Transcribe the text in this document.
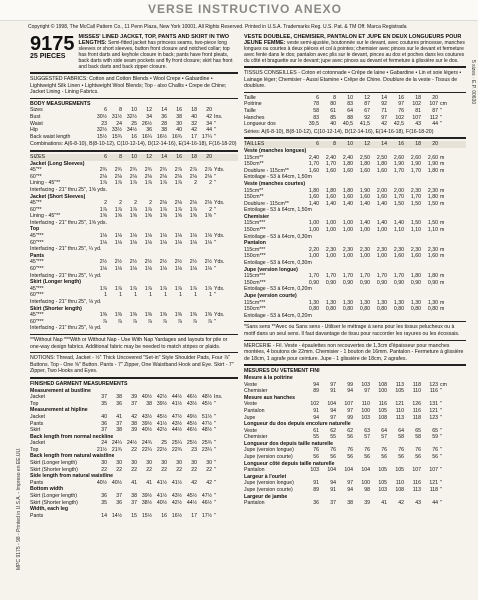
VERSE INSTRUCTIVO ANEXO
Copyright © 1998, The McCall Pattern Co., 11 Penn Plaza, New York 10001. All Rights Reserved. Printed in U.S.A. Trademarks Reg. U.S. Pat. & TM Off. Marca Registrada
MPC 9175 - 98 - Printed in U.S.A. - Impreso en EE.UU.
5 sizes · E.P. 00630
9175
25 PIECES
MISSES' LINED JACKET, TOP, PANTS AND SKIRT IN TWO LENGTHS: Semi-fitted jacket has princess seams, two-piece long sleeves or short sleeves, button front closure and notched collar; top has front darts and keyhole closure in back; pants have front pleats, back darts with side seam pockets and fly front closure; skirt has front and back darts and back zipper closure.
SUGGESTED FABRICS: Cotton and Cotton Blends • Wool Crepe • Gabardine • Lightweight Silk Linen • Lightweight Wool Blends; Top - also Challis • Crepe de Chine; Jacket Lining - Lining Fabrics.
BODY MEASUREMENTS
Sizes	6	8	10	12	14	16	18	20
Bust	30½ 31½ 32½	34	36	38	40	42 Ins.
Waist	23	24	25 26½	28	30	32	34 "
Hip	32½ 33½ 34½	36	38	40	42	44 "
Back waist length	15½ 15¾	16 16¼ 16½ 16¾	17 17¼ "
Combinations: A(6-8-10), B(8-10-12), C(10-12-14), D(12-14-16), E(14-16-18), F(16-18-20)
SIZES	6	8	10	12	14	16	18	20
Jacket (Long Sleeves)
45"**	2¾	2¾	2¾	2¾	2¾	2⅞	2⅞	2⅞ Yds.
60"**	2⅛	2⅛	2⅛	2⅛	2⅛	2⅛	2⅛	2⅛ "
Lining - 45"**	1⅞	1⅞	1⅞	1⅞	1⅞	1⅞	2	2 "
Interfacing - 21" thru 25", 1⅝ yds.
Jacket (Short Sleeves)
45"**	2	2	2	2	2⅛	2⅛	2⅛	2⅛ Yds.
60"**	1⅞	1⅞	1⅞	1⅞	1⅞	1⅞	1⅞	2 "
Lining - 45"**	1⅝	1⅝	1⅝	1⅝	1⅝	1⅝	1⅝	1⅝ "
Interfacing - 21" thru 25", 1⅝ yds.
Top
45"***	1⅛	1⅛	1⅛	1⅛	1⅛	1⅛	1⅛	1⅛ Yds.
60"***	1⅛	1⅛	1⅛	1⅛	1⅛	1⅛	1⅛	1⅛ "
Interfacing - 21" thru 25", ¼ yd.
Pants
45"***	2½	2½	2½	2½	2½	2½	2½	2½ Yds.
60"***	1⅛	1⅛	1⅛	1⅛	1⅛	1⅛	1⅛	1⅛ "
Interfacing - 21" thru 25", ¼ yd.
Skirt (Longer length)
45"***	1⅞	1⅞	1⅞	1⅞	1⅞	1⅞	1⅞	1⅞ Yds.
60"***	1	1	1	1	1	1	1	1 "
Interfacing - 21" thru 25", ⅛ yd.
Skirt (Shorter length)
45"***	1⅜	1⅜	1⅜	1⅜	1⅜	1⅜	1⅜	1⅜ Yds.
60"***	⅞	⅞	⅞	⅞	⅞	⅞	⅞	⅞ "
Interfacing - 21" thru 25", ⅛ yd.
**Without Nap ***With or Without Nap - Use With Nap Yardages and layouts for pile or one-way design fabrics. Additional fabric may be needed to match stripes or plaids.
NOTIONS: Thread, Jacket - ½" Thick Uncovered "Set-in" Style Shoulder Pads, Four ⅞" Buttons. Top - One ⅝" Button. Pants - 7" Zipper, One Waistband Hook and Eye. Skirt - 7" Zipper, Two Hooks and Eyes.
FINISHED GARMENT MEASUREMENTS
Measurement at bustline
Jacket	37	38	39 40½ 42½ 44½ 46½ 48½ Ins.
Top	35	36	37	38 39½ 41½ 43½ 45½ "
Measurement at hipline
Jacket	40	41	42 43½ 45½ 47½ 49½ 51½ "
Pants	36	37	38 39½ 41½ 43½ 45½ 47½ "
Skirt	37	38	39 40½ 42½ 44½ 46½ 48½ "
Back length from normal neckline
Jacket	24 24¼ 24½ 24¾	25 25¼ 25½ 25¾ "
Top	21½ 21¾	22 22¼ 22½ 22¾	23 23¼ "
Back length from natural waistline
Skirt (Longer length)	30	30	30	30	30	30	30	30 "
Skirt (Shorter length)	22	22	22	22	22	22	22	22 "
Side length from natural waistline
Pants	40½ 40½	41	41 41½ 41½	42	42 "
Bottom width
Skirt (Longer length)	36	37	38 39½ 41½ 43½ 45½ 47½ "
Skirt (Shorter length)	35	36	37 38½ 40½ 42½ 44½ 46½ "
Width, each leg
Pants	14 14½	15 15½	16 16½	17 17½ "
VESTE DOUBLEE, CHEMISIER, PANTALON ET JUPE EN DEUX LONGUEURS POUR JEUNE FEMME: veste semi-ajustée, boutonnée sur le devant, avec coutures princesse, manches longues ou courtes à deux pièces et col à pointes; chemisier avec pinces sur le devant et fermeture avec fente dans le dos; pantalon avec plis sur le devant, pinces au dos et poches dans les coutures du côté et braguette sur le devant; jupe avec pinces au devant et fermeture à glissière sur le dos.
TISSUS CONSEILLES - Coton et cotonnade • Crêpe de laine • Gabardine • Lin et soie légers • Lainage léger; Chemisier - Aussi Etamine • Crêpe de Chine. Doublure de la veste - Tissus de doublure.
Taille	6	8	10	12	14	16	18	20
Poitrine	78	80	83	87	92	97	102	107 cm
Taille	58	61	64	67	71	76	81	87 "
Hanches	83	85	88	92	97	102	107	112 "
Longueur dos	39,5	40	40,5	41,5	42	42,5	43	44 "
Séries: A(6-8-10), B(8-10-12), C(10-12-14), D(12-14-16), E(14-16-18), F(16-18-20)
TAILLES	6	8	10	12	14	16	18	20
Veste (manches longues)
115cm**	2,40	2,40	2,40	2,50	2,50	2,60	2,60	2,60 m
150cm**	1,70	1,70	1,80	1,80	1,80	1,90	1,90	1,90 m
Doublure - 115cm**	1,60	1,60	1,60	1,60	1,60	1,70	1,70	1,80 m
Entoilage - 53 à 64cm, 1,50m
Veste (manches courtes)
115cm**	1,80	1,80	1,80	1,90	2,00	2,00	2,30	2,30 m
150cm**	1,60	1,60	1,60	1,60	1,60	1,70	1,70	1,80 m
Doublure - 115cm**	1,40	1,40	1,40	1,40	1,40	1,50	1,50	1,50 m
Entoilage - 53 à 64cm, 1,50m
Chemisier
115cm***	1,00	1,00	1,00	1,40	1,40	1,40	1,50	1,50 m
150cm***	1,00	1,00	1,00	1,00	1,00	1,10	1,10	1,10 m
Entoilage - 53 à 64cm, 0,30m
Pantalon
115cm***	2,20	2,30	2,30	2,30	2,30	2,30	2,30	2,30 m
150cm***	1,00	1,00	1,00	1,00	1,00	1,60	1,60	1,60 m
Entoilage - 53 à 64cm, 0,30m
Jupe (version longue)
115cm***	1,70	1,70	1,70	1,70	1,70	1,70	1,80	1,80 m
150cm***	0,90	0,90	0,90	0,90	0,90	0,90	0,90	0,90 m
Entoilage - 53 à 64cm, 0,20m
Jupe (version courte)
115cm***	1,30	1,30	1,30	1,30	1,30	1,30	1,30	1,30 m
150cm***	0,80	0,80	0,80	0,80	0,80	0,80	0,80	0,80 m
Entoilage - 53 à 64cm, 0,20m
*Sans sens **Avec ou Sans sens - Utiliser le métrage à sens pour les tissus pelucheux ou à motif dans un seul sens. Il faut davantage de tissu pour raccorder les rayures ou les écossais.
MERCERIE - Fil. Veste - épaulettes non recouvertes de 1,3cm d'épaisseur pour manches montées, 4 boutons de 22mm. Chemisier - 1 bouton de 16mm. Pantalon - Fermeture à glissière de 18cm, 1 agrafe pour ceinture. Jupe - 1 glissière de 18cm, 2 agrafes.
MESURES DU VETEMENT FINI
Mesure à la poitrine
Veste	94	97	99	103	108	113	118	123 cm
Chemisier	89	91	94	97	100	105	110	116 "
Mesure aux hanches
Veste	102	104	107	110	116	121	126	131 "
Pantalon	91	94	97	100	105	110	116	121 "
Jupe	94	97	99	103	108	113	118	123 "
Longueur du dos depuis encolure naturelle
Veste	61	62	62	63	64	64	65	65 "
Chemisier	55	55	56	57	57	58	58	59 "
Longueur dos depuis taille naturelle
Jupe (version longue)	76	76	76	76	76	76	76	76 "
Jupe (version courte)	56	56	56	56	56	56	56	56 "
Longueur côté depuis taille naturelle
Pantalon	103	104	104	104	105	105	107	107 "
Largeur à l'ourlet
Jupe (version longue)	91	94	97	100	105	110	116	121 "
Jupe (version courte)	89	91	94	98	103	108	113	118 "
Largeur de jambe
Pantalon	36	37	38	39	41	42	43	44 "
